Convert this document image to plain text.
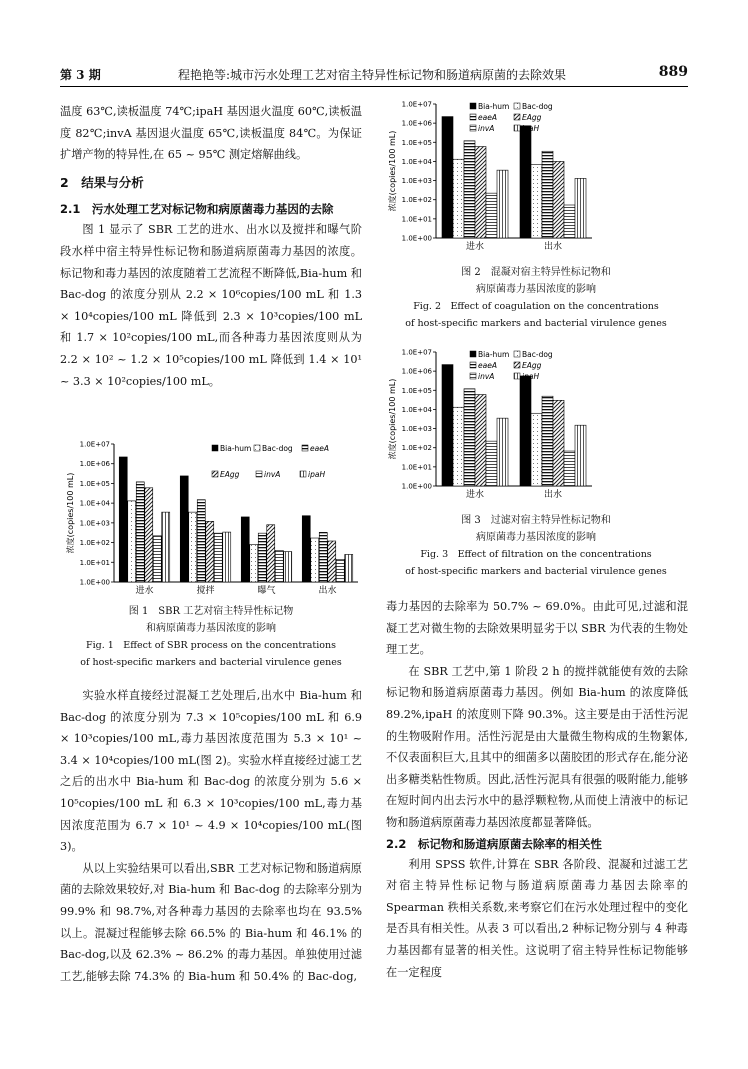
第 3 期	程艳艳等:城市污水处理工艺对宿主特异性标记物和肠道病原菌的去除效果	889

温度 63℃,读板温度 74℃;ipaH 基因退火温度 60℃,读板温度 82℃;invA 基因退火温度 65℃,读板温度 84℃。为保证扩增产物的特异性,在 65 ~ 95℃ 测定熔解曲线。

2　结果与分析
2.1　污水处理工艺对标记物和病原菌毒力基因的去除

图 1 显示了 SBR 工艺的进水、出水以及搅拌和曝气阶段水样中宿主特异性标记物和肠道病原菌毒力基因的浓度。标记物和毒力基因的浓度随着工艺流程不断降低,Bia-hum 和 Bac-dog 的浓度分别从 2.2 × 10⁶copies/100 mL 和 1.3 × 10⁴copies/100 mL 降低到 2.3 × 10³copies/100 mL 和 1.7 × 10²copies/100 mL,而各种毒力基因浓度则从为 2.2 × 10² ~ 1.2 × 10⁵copies/100 mL 降低到 1.4 × 10¹ ~ 3.3 × 10²copies/100 mL。

1.0E+00
1.0E+01
1.0E+02
1.0E+03
1.0E+04
1.0E+05
1.0E+06
1.0E+07
浓度(copies/100 mL)
进水	搅拌	曝气	出水
Bia-hum Bac-dog eaeA
EAgg	invA	ipaH
图 1　SBR 工艺对宿主特异性标记物
和病原菌毒力基因浓度的影响
Fig. 1　Effect of SBR process on the concentrations
of host-specific markers and bacterial virulence genes

实验水样直接经过混凝工艺处理后,出水中 Bia-hum 和 Bac-dog 的浓度分别为 7.3 × 10⁵copies/100 mL 和 6.9 × 10³copies/100 mL,毒力基因浓度范围为 5.3 × 10¹ ~ 3.4 × 10⁴copies/100 mL(图 2)。实验水样直接经过滤工艺之后的出水中 Bia-hum 和 Bac-dog 的浓度分别为 5.6 × 10⁵copies/100 mL 和 6.3 × 10³copies/100 mL,毒力基因浓度范围为 6.7 × 10¹ ~ 4.9 × 10⁴copies/100 mL(图 3)。

从以上实验结果可以看出,SBR 工艺对标记物和肠道病原菌的去除效果较好,对 Bia-hum 和 Bac-dog 的去除率分别为 99.9% 和 98.7%,对各种毒力基因的去除率也均在 93.5% 以上。混凝过程能够去除 66.5% 的 Bia-hum 和 46.1% 的 Bac-dog,以及 62.3% ~ 86.2% 的毒力基因。单独使用过滤工艺,能够去除 74.3% 的 Bia-hum 和 50.4% 的 Bac-dog,

1.0E+00
1.0E+01
1.0E+02
1.0E+03
1.0E+04
1.0E+05
1.0E+06
1.0E+07
浓度(copies/100 mL)
进水	出水
Bia-hum Bac-dog
eaeA	EAgg
invA	ipaH
图 2　混凝对宿主特异性标记物和
病原菌毒力基因浓度的影响
Fig. 2　Effect of coagulation on the concentrations
of host-specific markers and bacterial virulence genes
1.0E+00
1.0E+01
1.0E+02
1.0E+03
1.0E+04
1.0E+05
1.0E+06
1.0E+07
浓度(copies/100 mL)
进水	出水
Bia-hum Bac-dog
eaeA	EAgg
invA	ipaH
图 3　过滤对宿主特异性标记物和
病原菌毒力基因浓度的影响
Fig. 3　Effect of filtration on the concentrations
of host-specific markers and bacterial virulence genes

毒力基因的去除率为 50.7% ~ 69.0%。由此可见,过滤和混凝工艺对微生物的去除效果明显劣于以 SBR 为代表的生物处理工艺。

在 SBR 工艺中,第 1 阶段 2 h 的搅拌就能使有效的去除标记物和肠道病原菌毒力基因。例如 Bia-hum 的浓度降低 89.2%,ipaH 的浓度则下降 90.3%。这主要是由于活性污泥的生物吸附作用。活性污泥是由大量微生物构成的生物絮体,不仅表面积巨大,且其中的细菌多以菌胶团的形式存在,能分泌出多糖类粘性物质。因此,活性污泥具有很强的吸附能力,能够在短时间内出去污水中的悬浮颗粒物,从而使上清液中的标记物和肠道病原菌毒力基因浓度都显著降低。

2.2　标记物和肠道病原菌去除率的相关性

利用 SPSS 软件,计算在 SBR 各阶段、混凝和过滤工艺对宿主特异性标记物与肠道病原菌毒力基因去除率的 Spearman 秩相关系数,来考察它们在污水处理过程中的变化是否具有相关性。从表 3 可以看出,2 种标记物分别与 4 种毒力基因都有显著的相关性。这说明了宿主特异性标记物能够在一定程度
